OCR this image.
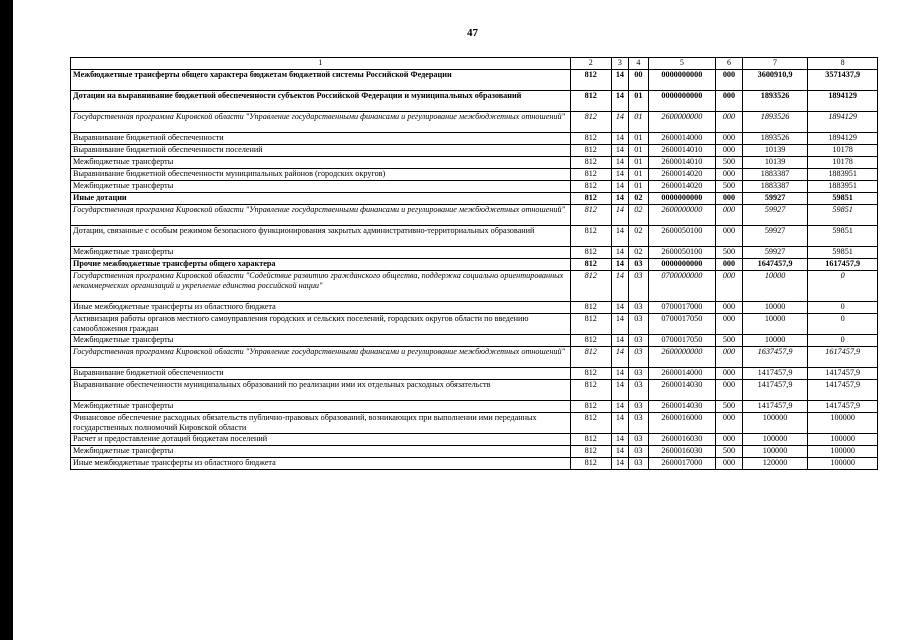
47
1	2	3	4	5	6	7	8
Межбюджетные трансферты общего характера бюджетам бюджетной системы Российской Федерации	812	14	00	0000000000	000	3600910,9	3571437,9
Дотации на выравнивание бюджетной обеспеченности субъектов Российской Федерации и муниципальных образований	812	14	01	0000000000	000	1893526	1894129
Государственная программа Кировской области "Управление государственными финансами и регулирование межбюджетных отношений"	812	14	01	2600000000	000	1893526	1894129
Выравнивание бюджетной обеспеченности	812	14	01	2600014000	000	1893526	1894129
Выравнивание бюджетной обеспеченности поселений	812	14	01	2600014010	000	10139	10178
Межбюджетные трансферты	812	14	01	2600014010	500	10139	10178
Выравнивание бюджетной обеспеченности муниципальных районов (городских округов)	812	14	01	2600014020	000	1883387	1883951
Межбюджетные трансферты	812	14	01	2600014020	500	1883387	1883951
Иные дотации	812	14	02	0000000000	000	59927	59851
Государственная программа Кировской области "Управление государственными финансами и регулирование межбюджетных отношений"	812	14	02	2600000000	000	59927	59851
Дотации, связанные с особым режимом безопасного функционирования закрытых административно-территориальных образований	812	14	02	2600050100	000	59927	59851
Межбюджетные трансферты	812	14	02	2600050100	500	59927	59851
Прочие межбюджетные трансферты общего характера	812	14	03	0000000000	000	1647457,9	1617457,9
Государственная программа Кировской области "Содействие развитию гражданского общества, поддержка социально ориентированных некоммерческих организаций и укрепление единства российской нации"	812	14	03	0700000000	000	10000	0
Иные межбюджетные трансферты из областного бюджета	812	14	03	0700017000	000	10000	0
Активизация работы органов местного самоуправления городских и сельских поселений, городских округов области по введению самообложения граждан	812	14	03	0700017050	000	10000	0
Межбюджетные трансферты	812	14	03	0700017050	500	10000	0
Государственная программа Кировской области "Управление государственными финансами и регулирование межбюджетных отношений"	812	14	03	2600000000	000	1637457,9	1617457,9
Выравнивание бюджетной обеспеченности	812	14	03	2600014000	000	1417457,9	1417457,9
Выравнивание обеспеченности муниципальных образований по реализации ими их отдельных расходных обязательств	812	14	03	2600014030	000	1417457,9	1417457,9
Межбюджетные трансферты	812	14	03	2600014030	500	1417457,9	1417457,9
Финансовое обеспечение расходных обязательств публично-правовых образований, возникающих при выполнении ими переданных государственных полномочий Кировской области	812	14	03	2600016000	000	100000	100000
Расчет и предоставление дотаций бюджетам поселений	812	14	03	2600016030	000	100000	100000
Межбюджетные трансферты	812	14	03	2600016030	500	100000	100000
Иные межбюджетные трансферты из областного бюджета	812	14	03	2600017000	000	120000	100000
